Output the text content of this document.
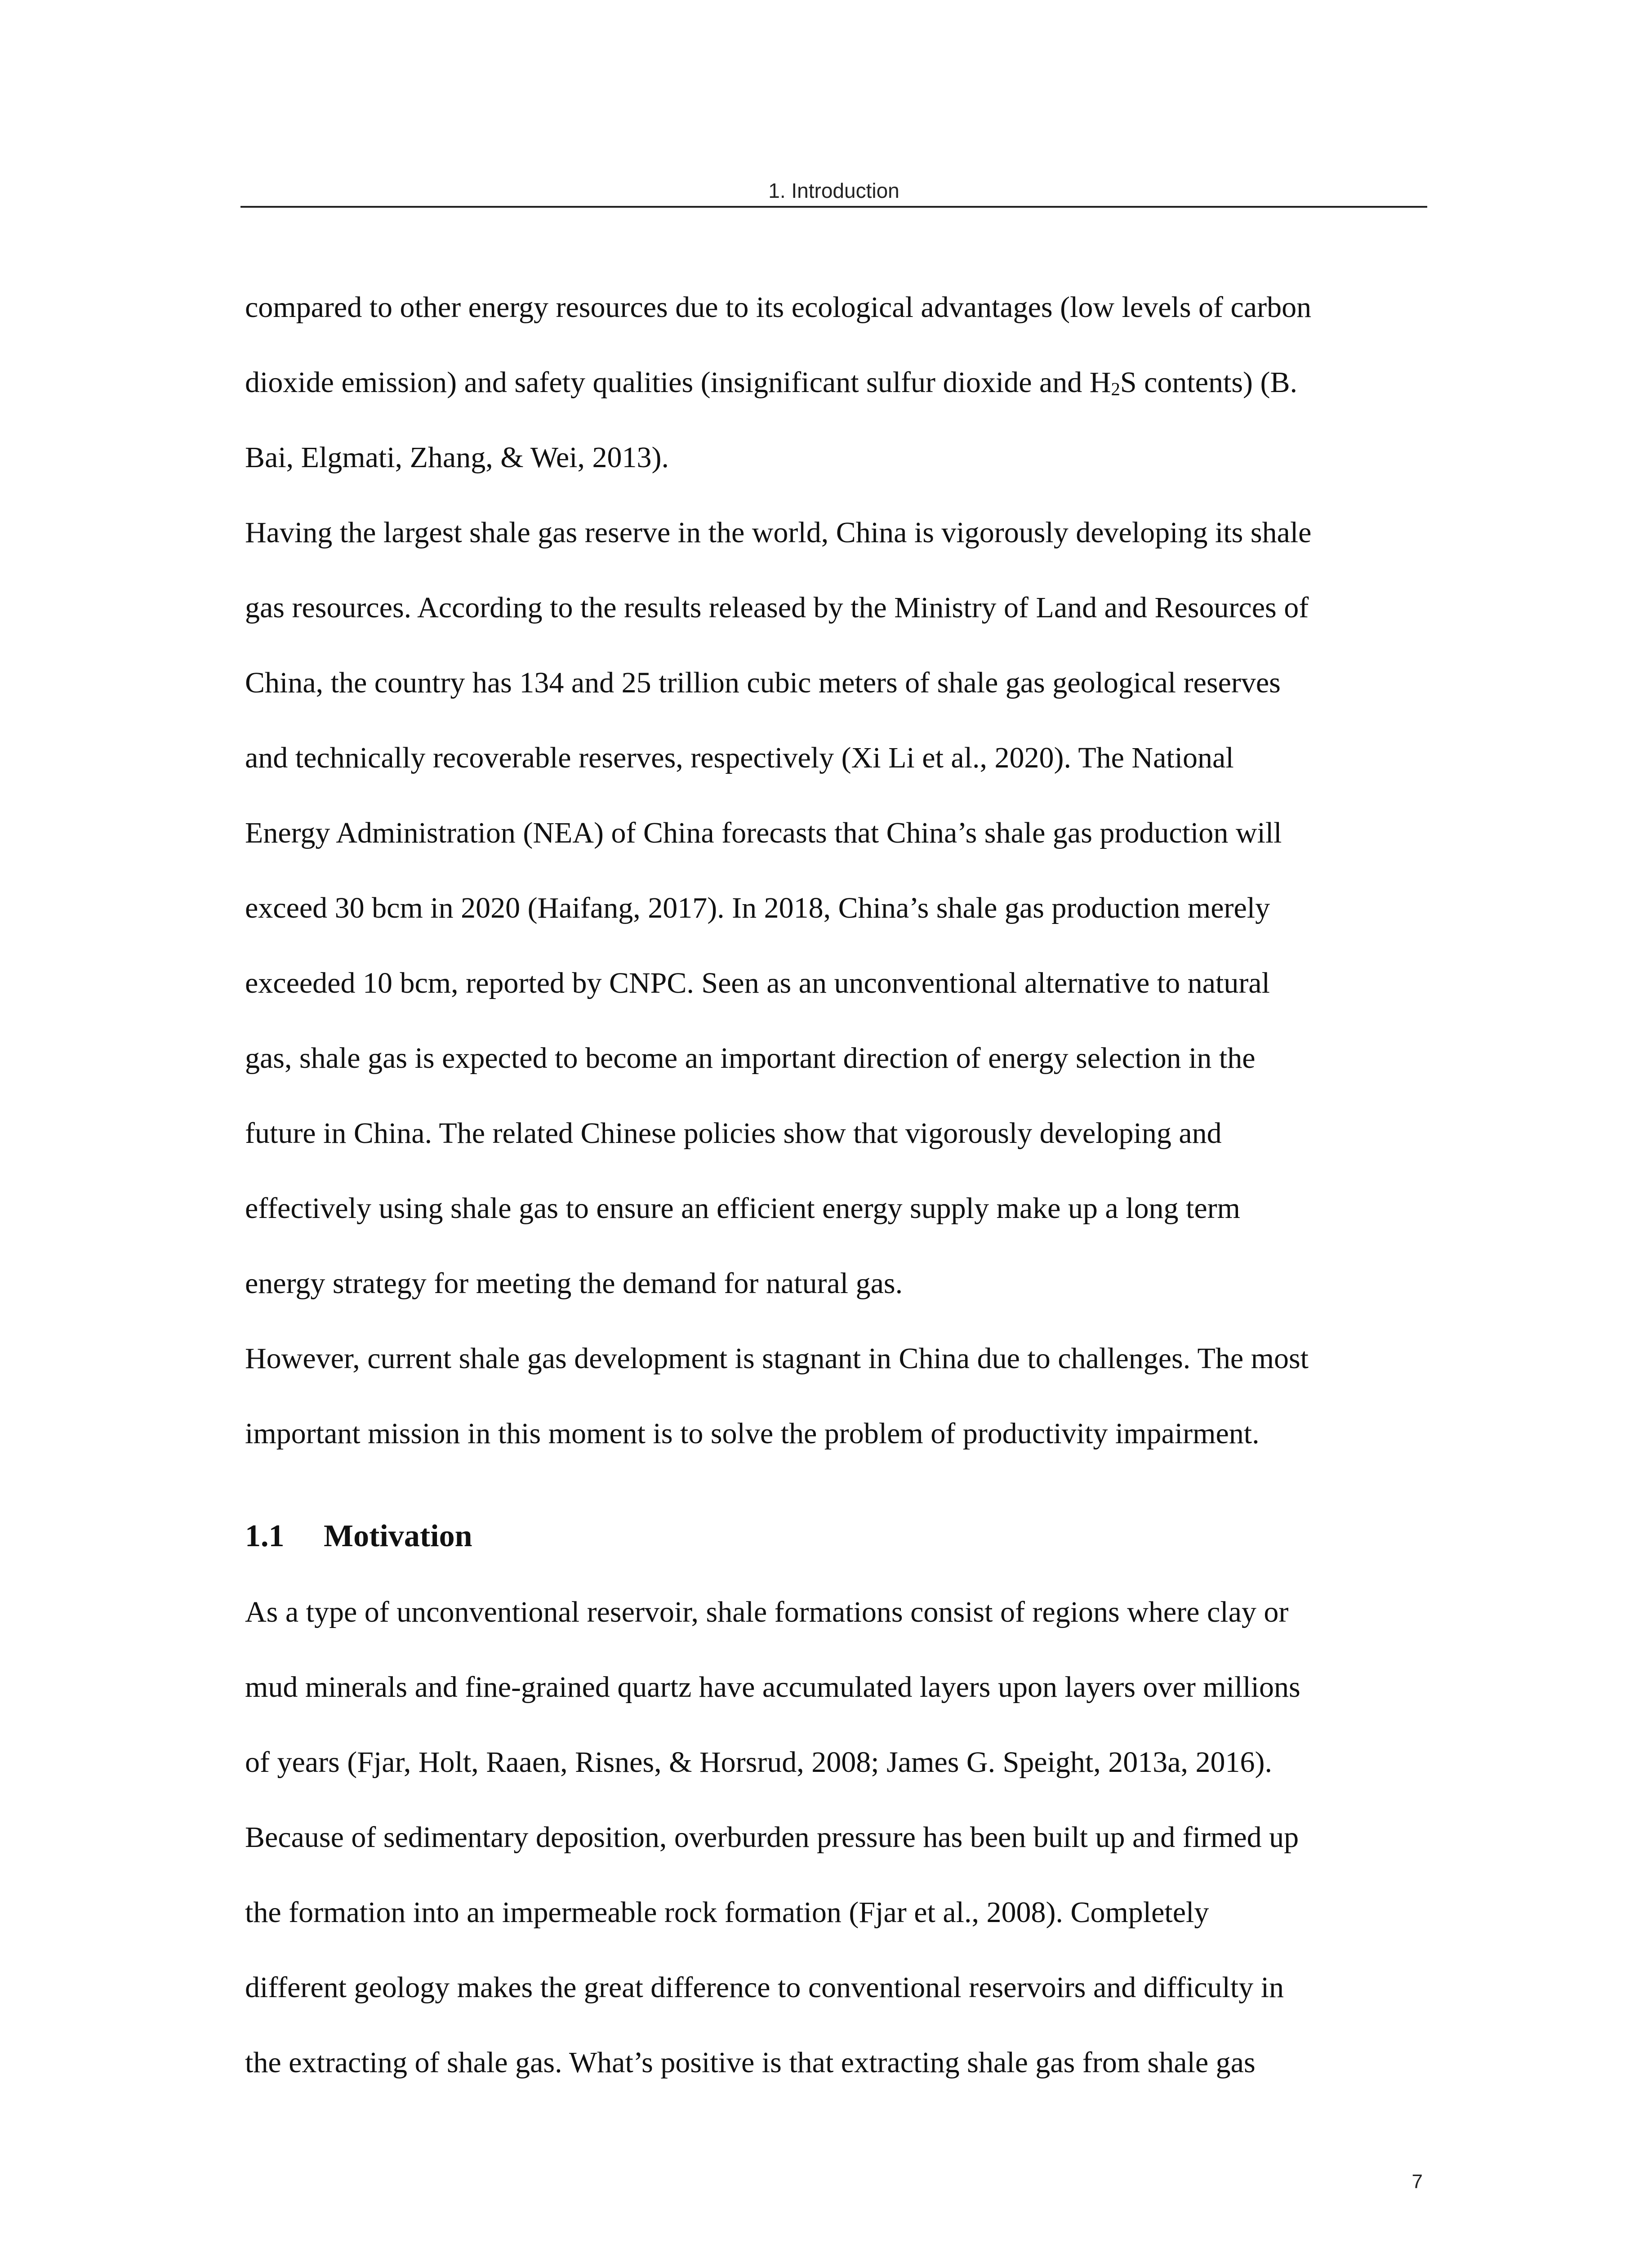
1. Introduction
compared to other energy resources due to its ecological advantages (low levels of carbon
dioxide emission) and safety qualities (insignificant sulfur dioxide and $H_2S$ contents) (B.
Bai, Elgmati, Zhang, & Wei, 2013).
Having the largest shale gas reserve in the world, China is vigorously developing its shale
gas resources. According to the results released by the Ministry of Land and Resources of
China, the country has 134 and 25 trillion cubic meters of shale gas geological reserves
and technically recoverable reserves, respectively (Xi Li et al., 2020). The National
Energy Administration (NEA) of China forecasts that China’s shale gas production will
exceed 30 bcm in 2020 (Haifang, 2017). In 2018, China’s shale gas production merely
exceeded 10 bcm, reported by CNPC. Seen as an unconventional alternative to natural
gas, shale gas is expected to become an important direction of energy selection in the
future in China. The related Chinese policies show that vigorously developing and
effectively using shale gas to ensure an efficient energy supply make up a long term
energy strategy for meeting the demand for natural gas.
However, current shale gas development is stagnant in China due to challenges. The most
important mission in this moment is to solve the problem of productivity impairment.
1.1 Motivation
As a type of unconventional reservoir, shale formations consist of regions where clay or
mud minerals and fine-grained quartz have accumulated layers upon layers over millions
of years (Fjar, Holt, Raaen, Risnes, & Horsrud, 2008; James G. Speight, 2013a, 2016).
Because of sedimentary deposition, overburden pressure has been built up and firmed up
the formation into an impermeable rock formation (Fjar et al., 2008). Completely
different geology makes the great difference to conventional reservoirs and difficulty in
the extracting of shale gas. What’s positive is that extracting shale gas from shale gas
7
